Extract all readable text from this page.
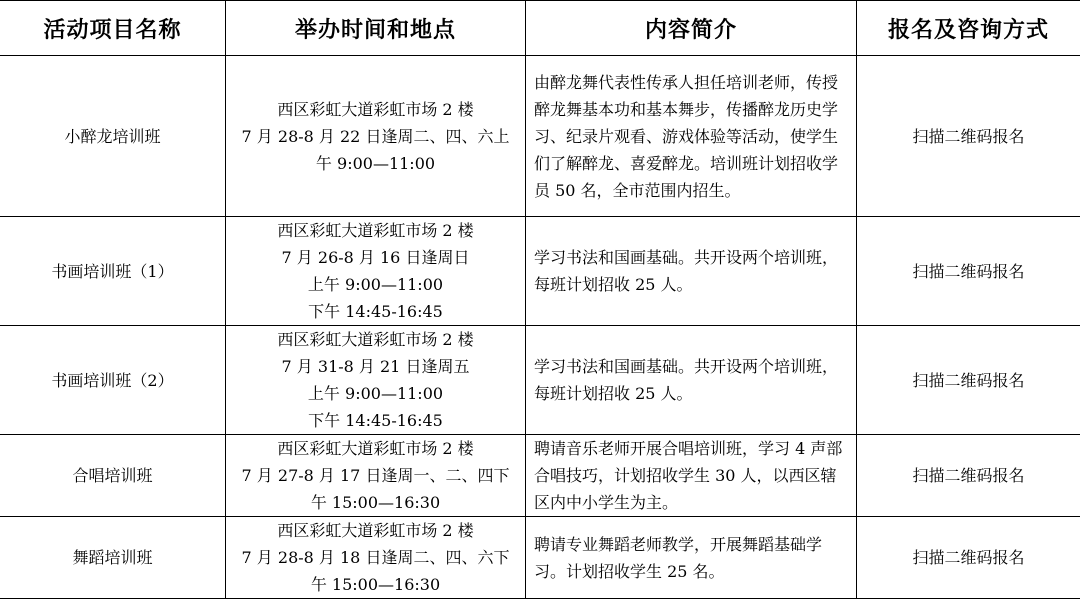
活动项目名称	举办时间和地点	内容简介	报名及咨询方式
小醉龙培训班	西区彩虹大道彩虹市场 2 楼
7 月 28-8 月 22 日逢周二、四、六上
午 9:00—11:00	由醉龙舞代表性传承人担任培训老师，传授醉龙舞基本功和基本舞步，传播醉龙历史学习、纪录片观看、游戏体验等活动，使学生们了解醉龙、喜爱醉龙。培训班计划招收学员 50 名，全市范围内招生。	扫描二维码报名
书画培训班（1）	西区彩虹大道彩虹市场 2 楼
7 月 26-8 月 16 日逢周日
上午 9:00—11:00
下午 14:45-16:45	学习书法和国画基础。共开设两个培训班，每班计划招收 25 人。	扫描二维码报名
书画培训班（2）	西区彩虹大道彩虹市场 2 楼
7 月 31-8 月 21 日逢周五
上午 9:00—11:00
下午 14:45-16:45	学习书法和国画基础。共开设两个培训班，每班计划招收 25 人。	扫描二维码报名
合唱培训班	西区彩虹大道彩虹市场 2 楼
7 月 27-8 月 17 日逢周一、二、四下
午 15:00—16:30	聘请音乐老师开展合唱培训班，学习 4 声部合唱技巧，计划招收学生 30 人，以西区辖区内中小学生为主。	扫描二维码报名
舞蹈培训班	西区彩虹大道彩虹市场 2 楼
7 月 28-8 月 18 日逢周二、四、六下
午 15:00—16:30	聘请专业舞蹈老师教学，开展舞蹈基础学习。计划招收学生 25 名。	扫描二维码报名
